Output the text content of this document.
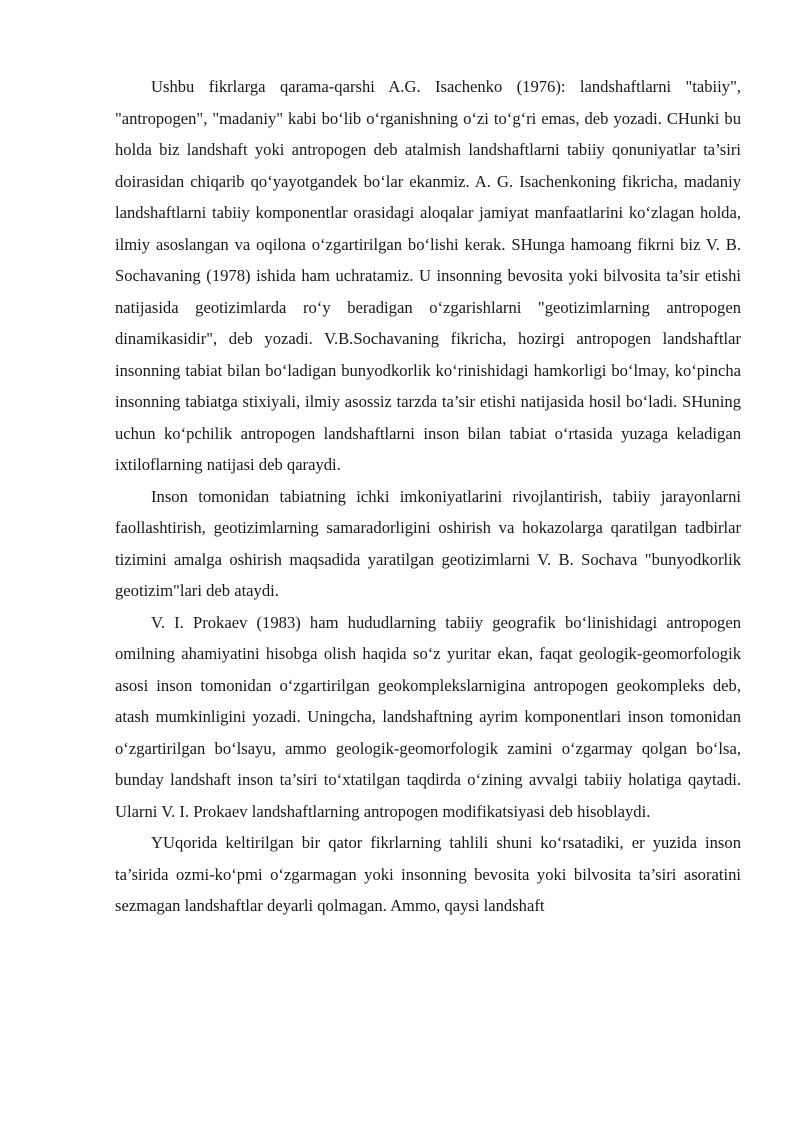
Ushbu fikrlarga qarama-qarshi A.G. Isachenko (1976): landshaftlarni "tabiiy", "antropogen", "madaniy" kabi bo‘lib o‘rganishning o‘zi to‘g‘ri emas, deb yozadi. CHunki bu holda biz landshaft yoki antropogen deb atalmish landshaftlarni tabiiy qonuniyatlar ta’siri doirasidan chiqarib qo‘yayotgandek bo‘lar ekanmiz. A. G. Isachenkoning fikricha, madaniy landshaftlarni tabiiy komponentlar orasidagi aloqalar jamiyat manfaatlarini ko‘zlagan holda, ilmiy asoslangan va oqilona o‘zgartirilgan bo‘lishi kerak. SHunga hamoang fikrni biz V. B. Sochavaning (1978) ishida ham uchratamiz. U insonning bevosita yoki bilvosita ta’sir etishi natijasida geotizimlarda ro‘y beradigan o‘zgarishlarni "geotizimlarning antropogen dinamikasidir", deb yozadi. V.B.Sochavaning fikricha, hozirgi antropogen landshaftlar insonning tabiat bilan bo‘ladigan bunyodkorlik ko‘rinishidagi hamkorligi bo‘lmay, ko‘pincha insonning tabiatga stixiyali, ilmiy asossiz tarzda ta’sir etishi natijasida hosil bo‘ladi. SHuning uchun ko‘pchilik antropogen landshaftlarni inson bilan tabiat o‘rtasida yuzaga keladigan ixtiloflarning natijasi deb qaraydi.

Inson tomonidan tabiatning ichki imkoniyatlarini rivojlantirish, tabiiy jarayonlarni faollashtirish, geotizimlarning samaradorligini oshirish va hokazolarga qaratilgan tadbirlar tizimini amalga oshirish maqsadida yaratilgan geotizimlarni V. B. Sochava "bunyodkorlik geotizim"lari deb ataydi.

V. I. Prokaev (1983) ham hududlarning tabiiy geografik bo‘linishidagi antropogen omilning ahamiyatini hisobga olish haqida so‘z yuritar ekan, faqat geologik-geomorfologik asosi inson tomonidan o‘zgartirilgan geokomplekslarnigina antropogen geokompleks deb, atash mumkinligini yozadi. Uningcha, landshaftning ayrim komponentlari inson tomonidan o‘zgartirilgan bo‘lsayu, ammo geologik-geomorfologik zamini o‘zgarmay qolgan bo‘lsa, bunday landshaft inson ta’siri to‘xtatilgan taqdirda o‘zining avvalgi tabiiy holatiga qaytadi. Ularni V. I. Prokaev landshaftlarning antropogen modifikatsiyasi deb hisoblaydi.

YUqorida keltirilgan bir qator fikrlarning tahlili shuni ko‘rsatadiki, er yuzida inson ta’sirida ozmi-ko‘pmi o‘zgarmagan yoki insonning bevosita yoki bilvosita ta’siri asoratini sezmagan landshaftlar deyarli qolmagan. Ammo, qaysi landshaft
